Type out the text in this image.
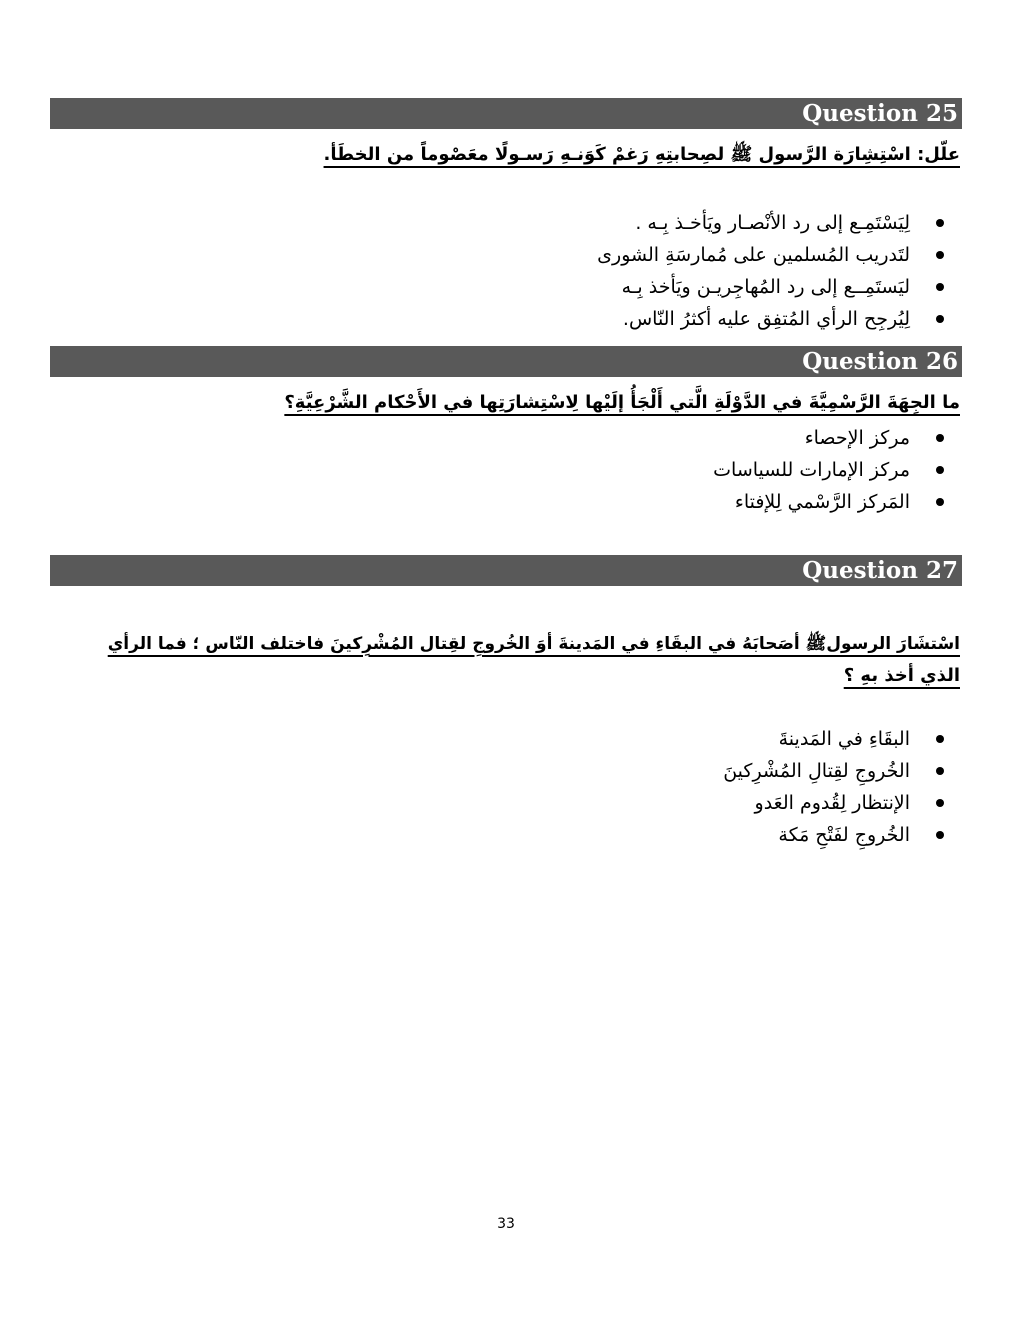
Question 25
علّل: اسْتِشِارَة الرَّسول ﷺ لصِحابتِهِ رَغمْ كَوَنـهِ رَسـولًا معَصْوماً من الخطَأ.
لِيَسْتَمِـع إلى رد الأنْصـار ويَأخـذ بِـه .
لتَدريب المُسلمين على مُمارسَةِ الشورى
ليَستَمِــع إلى رد المُهاجِريـن ويَأخذ بِـه
لِيُرجِح الرأي المُتفِق عليه أكثرُ النّاس.
Question 26
ما الجِهَةَ الرَّسْمِيَّةَ في الدَّوْلَةِ الَّتي أَلْجَأُ إلَيْها لِاسْتِشارَتِها في الأَحْكام الشَّرْعِيَّةِ؟
مركز الإحصاء
مركز الإمارات للسياسات
المَركز الرَّسْمي لِلإفتاء
Question 27
اسْتشَارَ الرسولﷺ أصَحابَهُ في البقَاءِ في المَدينةَ أوَ الخُروجِ لقِتال المُشْرِكينَ فاختلف النّاس ؛ فما الرأي
الذي أخذ بهِ ؟
البقَاءِ في المَدينةَ
الخُروجِ لقِتالِ المُشْرِكينَ
الإنتظار لِقُدوم العَدو
الخُروجِ لفَتْحِ مَكة
33
